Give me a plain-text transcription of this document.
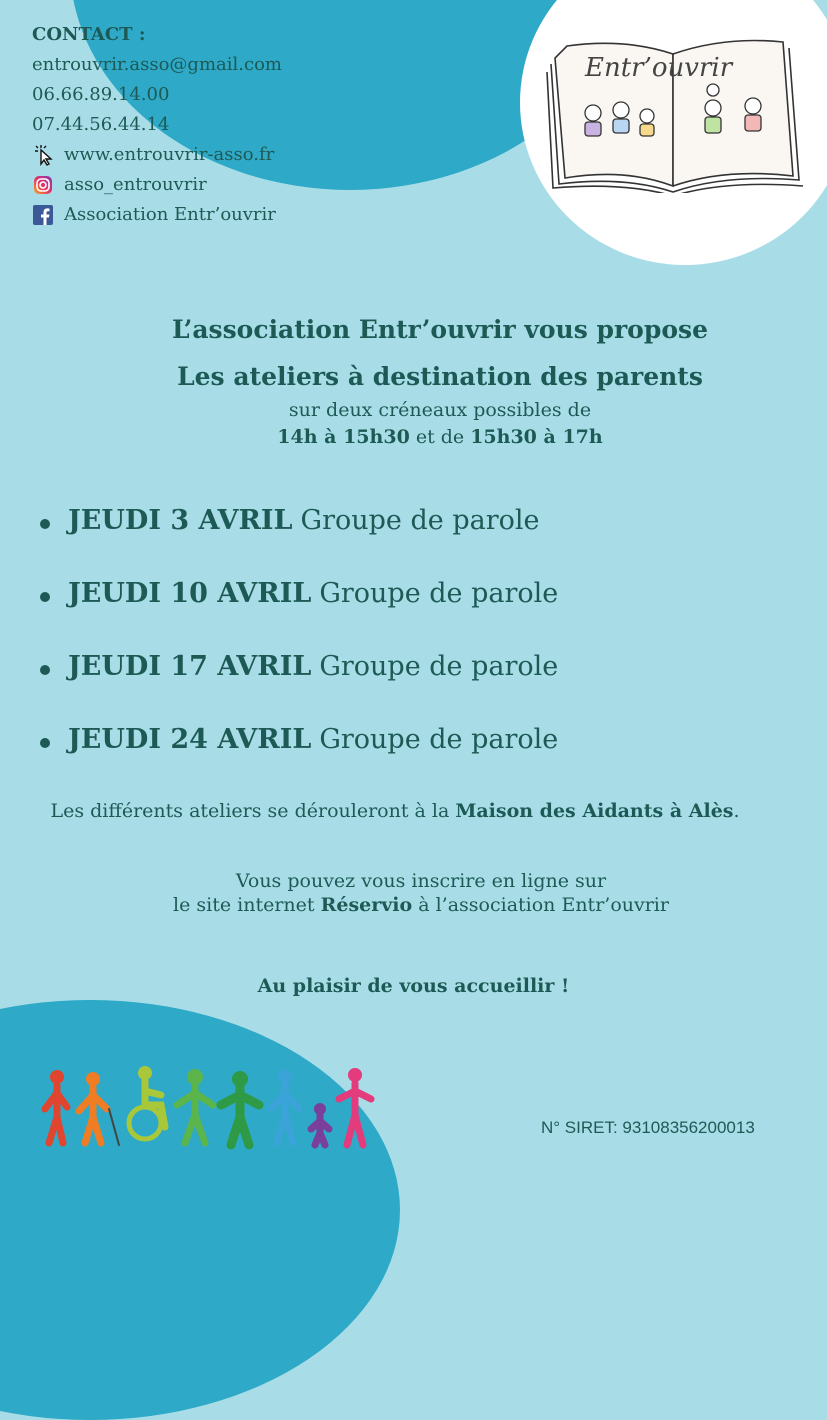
Entr’ouvrir
CONTACT :
entrouvrir.asso@gmail.com
06.66.89.14.00
07.44.56.44.14
www.entrouvrir-asso.fr
asso_entrouvrir
Association Entr’ouvrir
L’association Entr’ouvrir vous propose
Les ateliers à destination des parents
sur deux créneaux possibles de
14h à 15h30 et de 15h30 à 17h
JEUDI 3 AVRIL Groupe de parole
JEUDI 10 AVRIL Groupe de parole
JEUDI 17 AVRIL Groupe de parole
JEUDI 24 AVRIL Groupe de parole
Les différents ateliers se dérouleront à la Maison des Aidants à Alès.
Vous pouvez vous inscrire en ligne sur
le site internet Réservio à l’association Entr’ouvrir
Au plaisir de vous accueillir !
N° SIRET: 93108356200013
